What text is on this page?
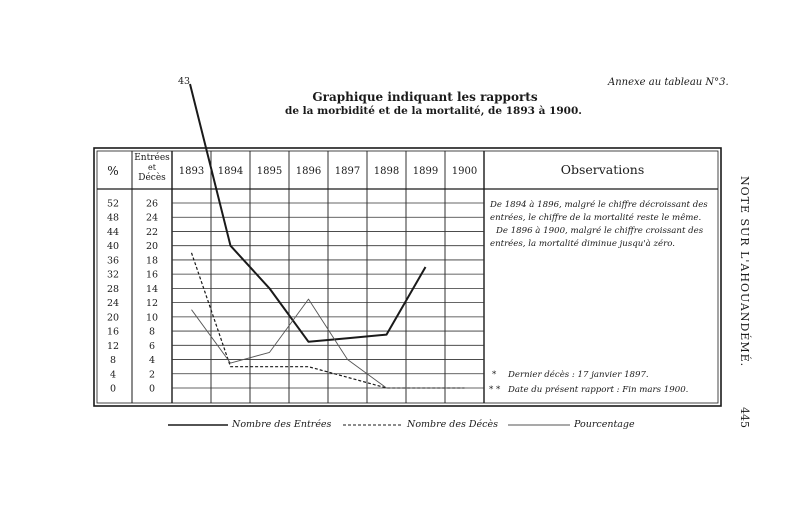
Annexe au tableau N°3.
Graphique indiquant les rapports
de la morbidité et de la mortalité, de 1893 à 1900.
NOTE SUR L'AHOUANDÉMÉ.
445
%
Entrées
et
Décès
1893 1894 1895 1896 1897 1898 1899 1900	Observations
52
48
44
40
36
32
28
24
20
16
12
8
4
0
26
24
22
20
18
16
14
12
10
8
6
4
2
0
43
De 1894 à 1896, malgré le chiffre décroissant des
entrées, le chiffre de la mortalité reste le même.
De 1896 à 1900, malgré le chiffre croissant des
entrées, la mortalité diminue jusqu'à zéro.
* Dernier décès : 17 janvier 1897.
* * Date du présent rapport : Fin mars 1900.
Nombre des Entrées	Nombre des Décès	Pourcentage
